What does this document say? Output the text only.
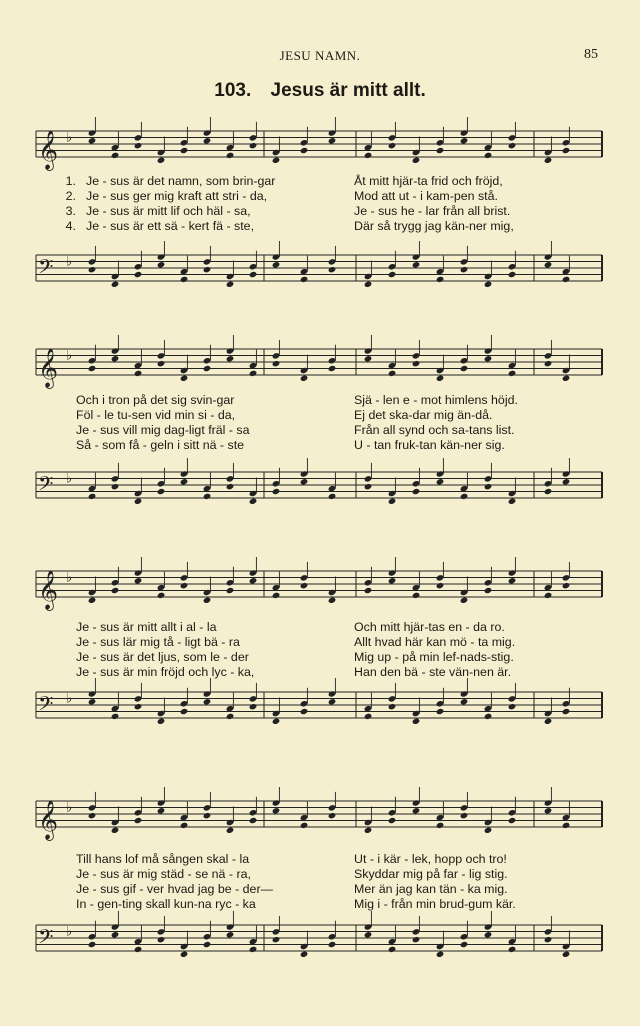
JESU NAMN.	85
103. Jesus är mitt allt.
𝄞 ♭
1. Je - sus är det namn, som brin-gar	Åt mitt hjär-ta frid och fröjd,
2. Je - sus ger mig kraft att stri - da,	Mod att ut - i kam-pen stå.
3. Je - sus är mitt lif och häl - sa,	Je - sus he - lar från all brist.
4. Je - sus är ett sä - kert fä - ste,	Där så trygg jag kän-ner mig,
𝄢 ♭
𝄞 ♭
Och i tron på det sig svin-gar	Sjä - len e - mot himlens höjd.
Föl - le tu-sen vid min si - da,	Ej det ska-dar mig än-då.
Je - sus vill mig dag-ligt fräl - sa	Från all synd och sa-tans list.
Så - som få - geln i sitt nä - ste	U - tan fruk-tan kän-ner sig.
𝄢 ♭
𝄞 ♭
Je - sus är mitt allt i al - la	Och mitt hjär-tas en - da ro.
Je - sus lär mig tå - ligt bä - ra	Allt hvad här kan mö - ta mig.
Je - sus är det ljus, som le - der	Mig up - på min lef-nads-stig.
Je - sus är min fröjd och lyc - ka,	Han den bä - ste vän-nen är.
𝄢 ♭
𝄞 ♭
Till hans lof må sången skal - la	Ut - i kär - lek, hopp och tro!
Je - sus är mig städ - se nä - ra,	Skyddar mig på far - lig stig.
Je - sus gif - ver hvad jag be - der—	Mer än jag kan tän - ka mig.
In - gen-ting skall kun-na ryc - ka	Mig i - från min brud-gum kär.
𝄢 ♭
